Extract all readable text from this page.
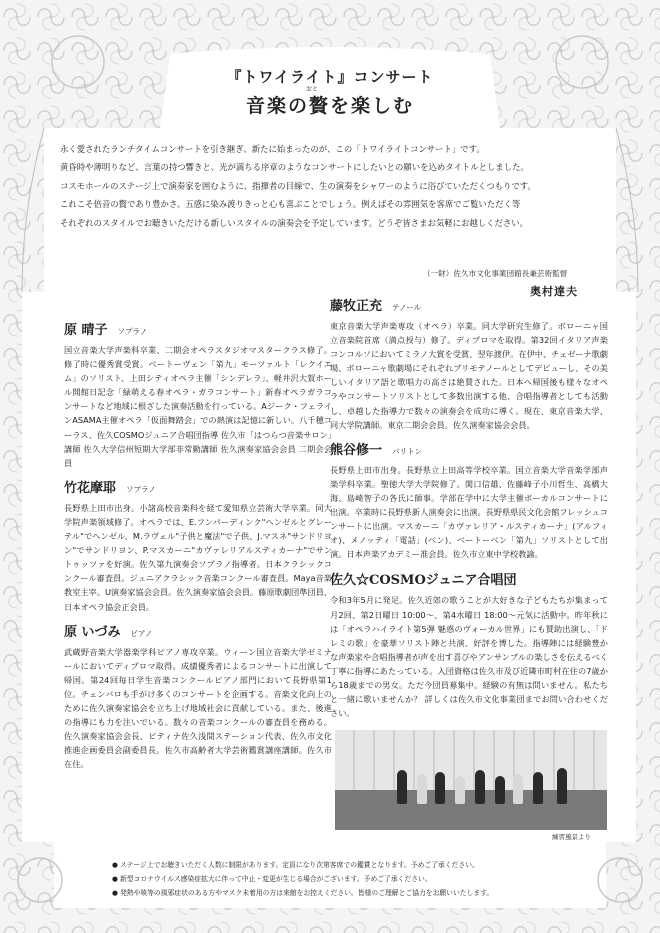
『トワイライト』コンサート
おと
音楽の贅を楽しむ

永く愛されたランチタイムコンサートを引き継ぎ、新たに始まったのが、この「トワイライトコンサート」です。

黄昏時や薄明りなど、言葉の持つ響きと、光が満ちる序章のようなコンサートにしたいとの願いを込めタイトルとしました。

コスモホールのステージ上で演奏家を囲むように、指揮者の目線で、生の演奏をシャワーのように浴びていただくつもりです。

これこそ倍音の贅であり豊かさ、五感に染み渡りきっと心も喜ぶことでしょう。例えばその雰囲気を客席でご覧いただく等

それぞれのスタイルでお聴きいただける新しいスタイルの演奏会を予定しています。どうぞ皆さまお気軽にお越しください。

（一財）佐久市文化事業団館長兼芸術監督
奥村達夫
原 晴子 ソプラノ
国立音楽大学声楽科卒業、二期会オペラスタジオマスタークラス修了。修了時に優秀賞受賞。ベートーヴェン「第九」モーツァルト「レクイエム」のソリスト、上田シティオペラ主催「シンデレラ」、軽井沢大賀ホール開館日記念「緑萌える春オペラ・ガラコンサート」新春オペラガラコンサートなど地域に根ざした演奏活動を行っている。Aジーク・フェラインASAMA主催オペラ「仮面舞踏会」での熱演は記憶に新しい。八千穂コーラス、佐久COSMOジュニア合唱団指導 佐久市「はつらつ音楽サロン」講師 佐久大学信州短期大学部非常勤講師 佐久演奏家協会会員 二期会会員
竹花摩耶 ソプラノ
長野県上田市出身。小諸高校音楽科を経て愛知県立芸術大学卒業。同大学院声楽領域修了。オペラでは、E.フンパーディンク"ヘンゼルとグレーテル"でヘンゼル、M.ラヴェル"子供と魔法"で子供、J.マスネ"サンドリヨン"でサンドリヨン、P.マスカーニ"カヴァレリアルスティカーナ"でサントゥッツァを好演。佐久第九演奏会ソプラノ指導者。日本クラシックコンクール審査員。ジュニアクラシック音楽コンクール審査員。Maya音楽教室主宰。U演奏家協会会員。佐久演奏家協会会員。藤原歌劇団準団員、日本オペラ協会正会員。
原 いづみ ピアノ
武蔵野音楽大学器楽学科ピアノ専攻卒業。ウィーン国立音楽大学ゼミナールにおいてディプロマ取得。成績優秀者によるコンサートに出演して帰国。第24回毎日学生音楽コンクールピアノ部門において長野県第1位。チェンバロも手がけ多くのコンサートを企画する。音楽文化向上のために佐久演奏家協会を立ち上げ地域社会に貢献している。また、後進の指導にも力を注いでいる。数々の音楽コンクールの審査員を務める。佐久演奏家協会会長、ピティナ佐久浅間ステーション代表、佐久市文化推進企画委員会副委員長。佐久市高齢者大学芸術鑑賞講座講師。佐久市在住。
藤牧正充 テノール
東京音楽大学声楽専攻（オペラ）卒業。同大学研究生修了。ボローニャ国立音楽院首席（満点授与）修了。ディプロマを取得。第32回イタリア声楽コンコルソにおいてミラノ大賞を受賞、翌年渡伊。在伊中、チェゼーナ歌劇場、ボローニャ歌劇場にそれぞれプリモテノールとしてデビューし、その美しいイタリア語と歌唱力の高さは絶賛された。日本へ帰国後も様々なオペラやコンサートソリストとして多数出演する他、合唱指導者としても活動し、卓越した指導力で数々の演奏会を成功に導く。現在、東京音楽大学、同大学院講師。東京二期会会員。佐久演奏家協会会員。
熊谷修一 バリトン
長野県上田市出身。長野県立上田高等学校卒業。国立音楽大学音楽学部声楽学科卒業。聖徳大学大学院修了。関口信雄、佐藤峰子小川哲生、高橋大海、島崎智子の各氏に師事。学部在学中に大学主催ボーカルコンサートに出演。卒業時に長野県新人演奏会に出演。長野県県民文化会館フレッシュコンサートに出演。マスカーニ「カヴァレリア・ルスティカーナ」(アルフィオ)、メノッティ「電話」(ベン)、ベートーベン「第九」ソリストとして出演。日本声楽アカデミー准会員。佐久市立東中学校教諭。
佐久☆COSMOジュニア合唱団
令和3年5月に発足。佐久近郊の歌うことが大好きな子どもたちが集まって月2回、第2日曜日 10:00〜、第4水曜日 18:00〜元気に活動中。昨年秋には「オペラハイライト第5弾 魅惑のヴォーカル世界」にも賛助出演し、「ドレミの歌」を豪華ソリスト陣と共演、好評を博した。指導陣には経験豊かな声楽家や合唱指導者が声を出す喜びやアンサンブルの楽しさを伝えるべく丁寧に指導にあたっている。入団資格は佐久市及び近隣市町村在住の7歳から18歳までの男女。ただ今団員募集中。経験の有無は問いません。私たちと一緒に歌いませんか？ 詳しくは佐久市文化事業団までお問い合わせください。
練習風景より
● ステージ上でお聴きいただく人数に制限があります。定員になり次第客席での鑑賞となります。予めご了承ください。
● 新型コロナウイルス感染症拡大に伴って中止・変更が生じる場合がございます。予めご了承ください。
● 発熱や咳等の風邪症状のある方やマスク未着用の方は来館をお控えください。皆様のご理解とご協力をお願いいたします。
